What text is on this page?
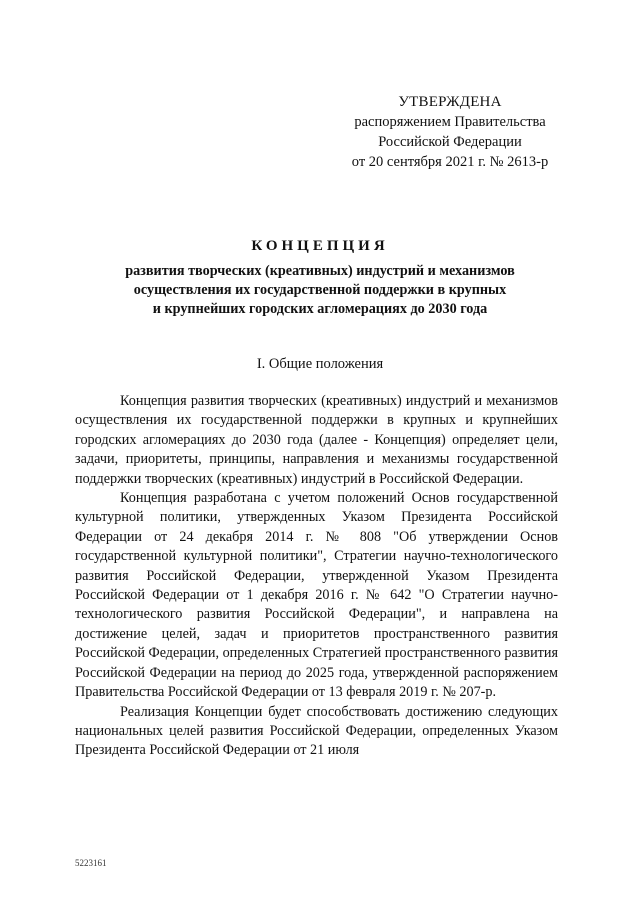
УТВЕРЖДЕНА
распоряжением Правительства
Российской Федерации
от 20 сентября 2021 г. № 2613-р
КОНЦЕПЦИЯ
развития творческих (креативных) индустрий и механизмов
осуществления их государственной поддержки в крупных
и крупнейших городских агломерациях до 2030 года
I. Общие положения

Концепция развития творческих (креативных) индустрий и механизмов осуществления их государственной поддержки в крупных и крупнейших городских агломерациях до 2030 года (далее - Концепция) определяет цели, задачи, приоритеты, принципы, направления и механизмы государственной поддержки творческих (креативных) индустрий в Российской Федерации.

Концепция разработана с учетом положений Основ государственной культурной политики, утвержденных Указом Президента Российской Федерации от 24 декабря 2014 г. № 808 "Об утверждении Основ государственной культурной политики", Стратегии научно-технологического развития Российской Федерации, утвержденной Указом Президента Российской Федерации от 1 декабря 2016 г. № 642 "О Стратегии научно-технологического развития Российской Федерации", и направлена на достижение целей, задач и приоритетов пространственного развития Российской Федерации, определенных Стратегией пространственного развития Российской Федерации на период до 2025 года, утвержденной распоряжением Правительства Российской Федерации от 13 февраля 2019 г. № 207-р.

Реализация Концепции будет способствовать достижению следующих национальных целей развития Российской Федерации, определенных Указом Президента Российской Федерации от 21 июля

5223161
